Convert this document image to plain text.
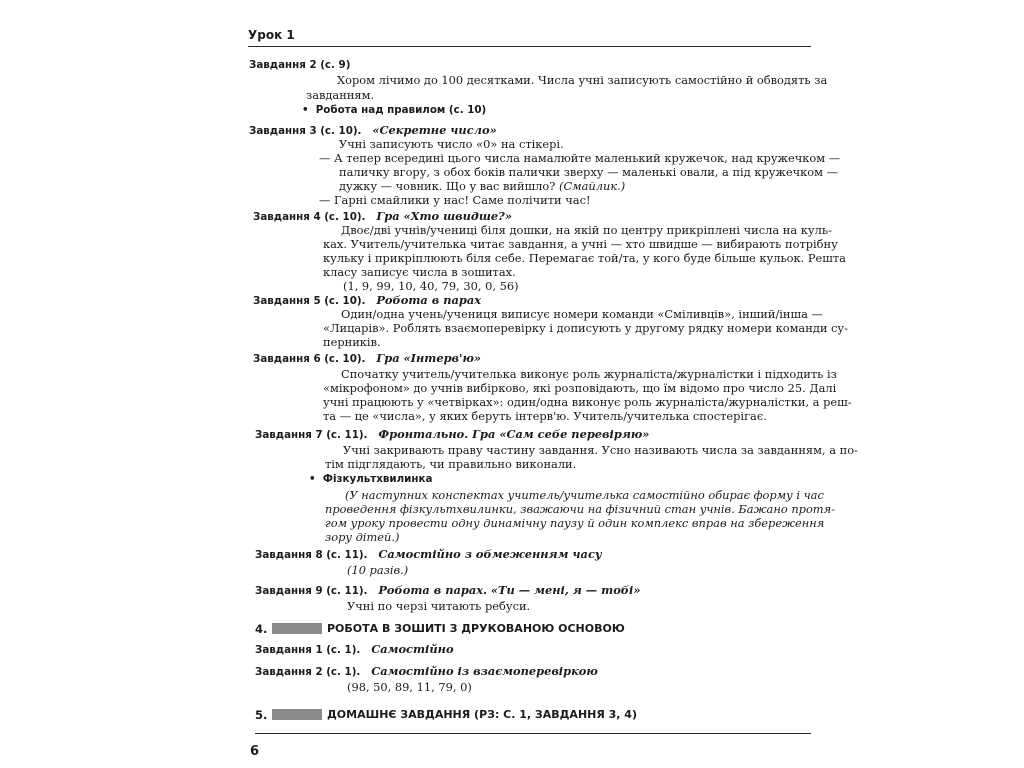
Урок 1
Завдання 2 (с. 9)
Хором лічимо до 100 десятками. Числа учні записують самостійно й обводять за
завданням.
•  Робота над правилом (с. 10)
Завдання 3 (с. 10). «Секретне число»
Учні записують число «0» на стікері.
— А тепер всередині цього числа намалюйте маленький кружечок, над кружечком —
паличку вгору, з обох боків палички зверху — маленькі овали, а під кружечком —
дужку — човник. Що у вас вийшло? (Смайлик.)
— Гарні смайлики у нас! Саме полічити час!
Завдання 4 (с. 10). Гра «Хто швидше?»
Двоє/дві учнів/учениці біля дошки, на якій по центру прикріплені числа на куль-
ках. Учитель/учителька читає завдання, а учні — хто швидше — вибирають потрібну
кульку і прикріплюють біля себе. Перемагає той/та, у кого буде більше кульок. Решта
класу записує числа в зошитах.
(1, 9, 99, 10, 40, 79, 30, 0, 56)
Завдання 5 (с. 10). Робота в парах
Один/одна учень/учениця виписує номери команди «Сміливців», інший/інша —
«Лицарів». Роблять взаємоперевірку і дописують у другому рядку номери команди су-
перників.
Завдання 6 (с. 10). Гра «Інтерв'ю»
Спочатку учитель/учителька виконує роль журналіста/журналістки і підходить із
«мікрофоном» до учнів вибірково, які розповідають, що їм відомо про число 25. Далі
учні працюють у «четвірках»: один/одна виконує роль журналіста/журналістки, а реш-
та — це «числа», у яких беруть інтерв'ю. Учитель/учителька спостерігає.
Завдання 7 (с. 11). Фронтально. Гра «Сам себе перевіряю»
Учні закривають праву частину завдання. Усно називають числа за завданням, а по-
тім підглядають, чи правильно виконали.
•  Фізкультхвилинка
(У наступних конспектах учитель/учителька самостійно обирає форму і час
проведення фізкультхвилинки, зважаючи на фізичний стан учнів. Бажано протя-
гом уроку провести одну динамічну паузу й один комплекс вправ на збереження
зору дітей.)
Завдання 8 (с. 11). Самостійно з обмеженням часу
(10 разів.)
Завдання 9 (с. 11). Робота в парах. «Ти — мені, я — тобі»
Учні по черзі читають ребуси.
4.	РОБОТА В ЗОШИТІ З ДРУКОВАНОЮ ОСНОВОЮ
Завдання 1 (с. 1). Самостійно
Завдання 2 (с. 1). Самостійно із взаємоперевіркою
(98, 50, 89, 11, 79, 0)
5.	ДОМАШНЄ ЗАВДАННЯ (РЗ: С. 1, ЗАВДАННЯ 3, 4)
6
